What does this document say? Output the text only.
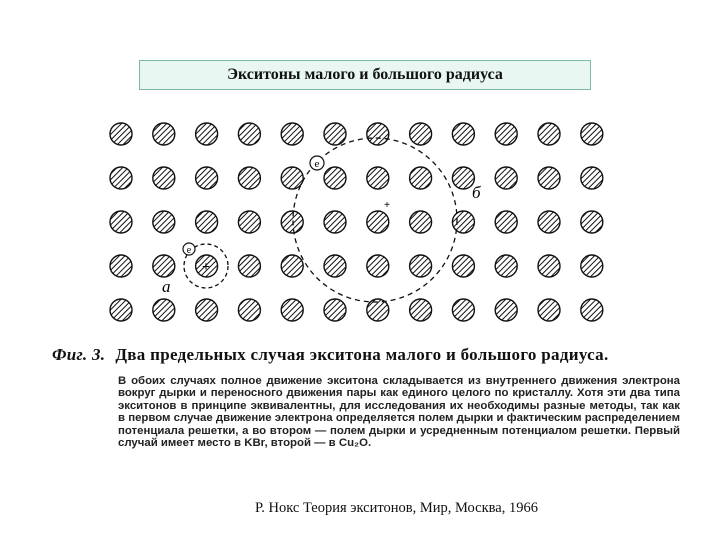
Экситоны малого и большого радиуса
e
+
а
e
+
б
Фиг. 3. Два предельных случая экситона малого и большого радиуса.
В обоих случаях полное движение экситона складывается из внутреннего движения электрона вокруг дырки и переносного движения пары как единого целого по кристаллу. Хотя эти два типа экситонов в принципе эквивалентны, для исследования их необходимы разные методы, так как в первом случае движение электрона определяется полем дырки и фактическим распределением потенциала решетки, а во втором — полем дырки и усредненным потенциалом решетки. Первый случай имеет место в KBr, второй — в Cu₂O.
Р. Нокс Теория экситонов, Мир, Москва, 1966
